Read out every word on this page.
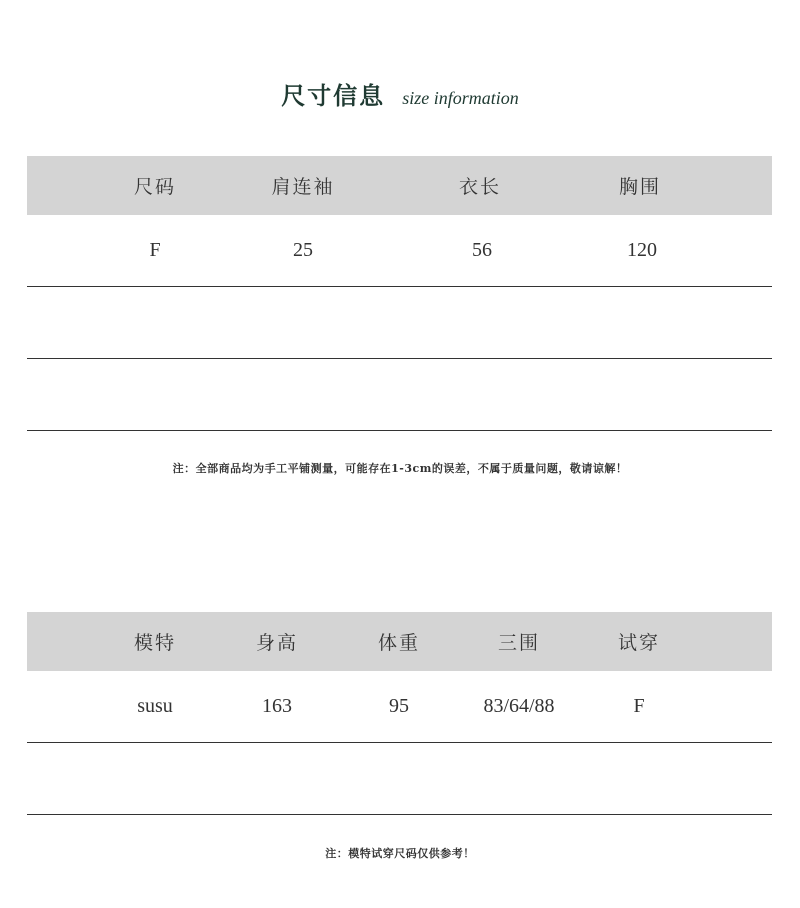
尺寸信息 size information
尺码	肩连袖	衣长	胸围
F	25	56	120
注：全部商品均为手工平铺测量，可能存在1-3cm的误差，不属于质量问题，敬请谅解！
模特	身高	体重	三围	试穿
susu	163	95	83/64/88	F
注：模特试穿尺码仅供参考！
